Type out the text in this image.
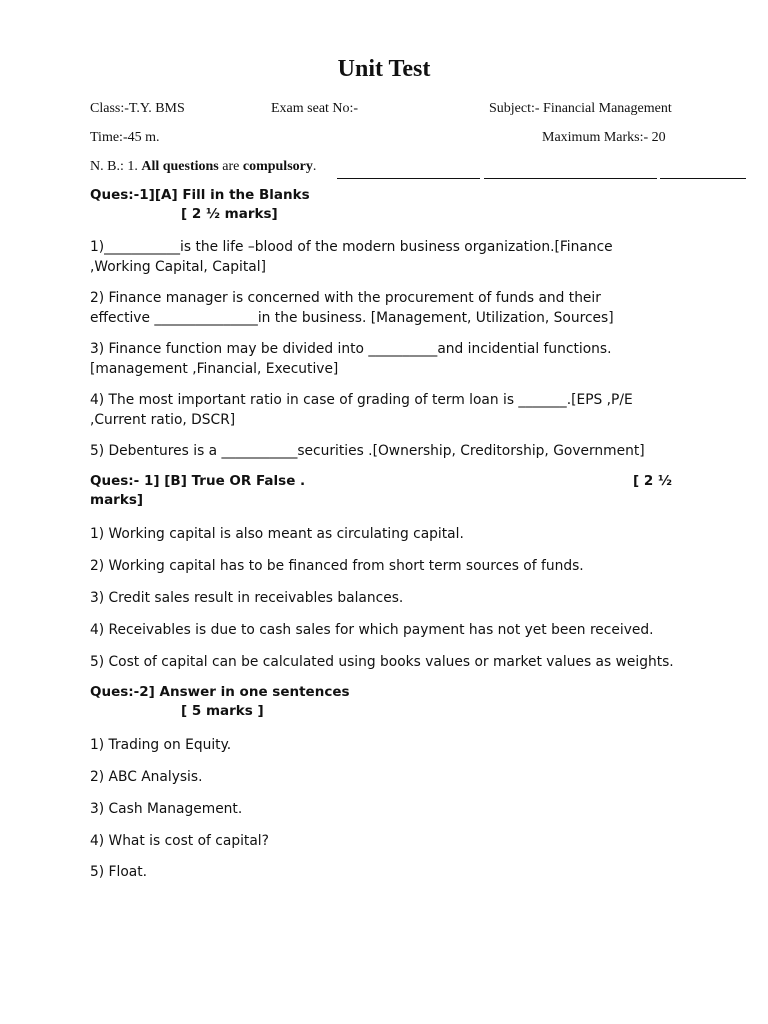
Unit Test
Class:-T.Y. BMS	Exam seat No:-	Subject:- Financial Management
Time:-45 m.	Maximum Marks:- 20
N. B.: 1. All questions are compulsory.
Ques:-1][A] Fill in the Blanks
[ 2 ½ marks]
1)___________is the life –blood of the modern business organization.[Finance ,Working Capital, Capital]
2) Finance manager is concerned with the procurement of funds and their effective _______________in the business. [Management, Utilization, Sources]
3) Finance function may be divided into __________and incidential functions. [management ,Financial, Executive]
4) The most important ratio in case of grading of term loan is _______.[EPS ,P/E ,Current ratio, DSCR]
5) Debentures is a ___________securities .[Ownership, Creditorship, Government]
Ques:- 1] [B] True OR False .	[ 2 ½
marks]
1) Working capital is also meant as circulating capital.
2) Working capital has to be financed from short term sources of funds.
3) Credit sales result in receivables balances.
4) Receivables is due to cash sales for which payment has not yet been received.
5) Cost of capital can be calculated using books values or market values as weights.
Ques:-2] Answer in one sentences
[ 5 marks ]
1) Trading on Equity.
2) ABC Analysis.
3) Cash Management.
4) What is cost of capital?
5) Float.
